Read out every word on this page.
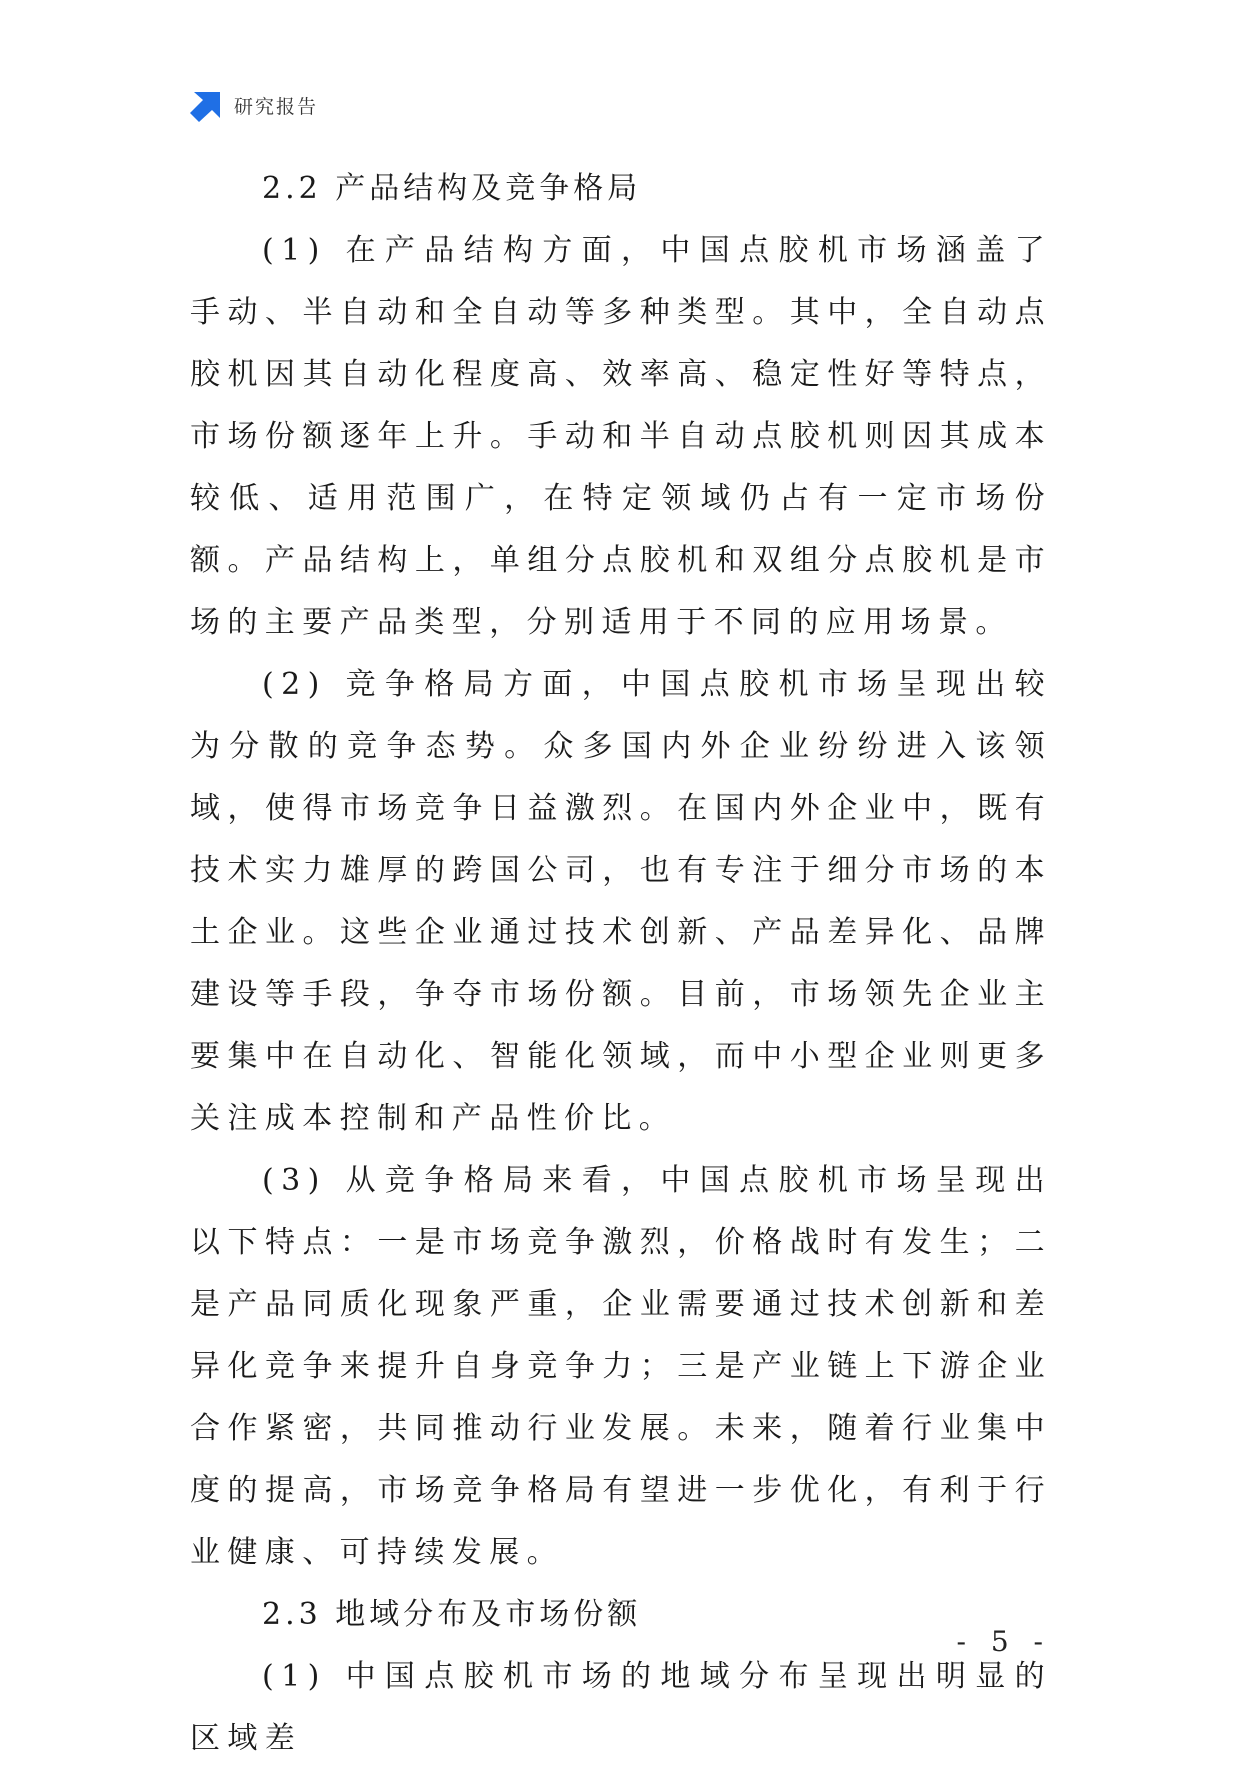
研究报告
2.2 产品结构及竞争格局

(1) 在产品结构方面，中国点胶机市场涵盖了手动、半自动和全自动等多种类型。其中，全自动点胶机因其自动化程度高、效率高、稳定性好等特点，市场份额逐年上升。手动和半自动点胶机则因其成本较低、适用范围广，在特定领域仍占有一定市场份额。产品结构上，单组分点胶机和双组分点胶机是市场的主要产品类型，分别适用于不同的应用场景。

(2) 竞争格局方面，中国点胶机市场呈现出较为分散的竞争态势。众多国内外企业纷纷进入该领域，使得市场竞争日益激烈。在国内外企业中，既有技术实力雄厚的跨国公司，也有专注于细分市场的本土企业。这些企业通过技术创新、产品差异化、品牌建设等手段，争夺市场份额。目前，市场领先企业主要集中在自动化、智能化领域，而中小型企业则更多关注成本控制和产品性价比。

(3) 从竞争格局来看，中国点胶机市场呈现出以下特点：一是市场竞争激烈，价格战时有发生；二是产品同质化现象严重，企业需要通过技术创新和差异化竞争来提升自身竞争力；三是产业链上下游企业合作紧密，共同推动行业发展。未来，随着行业集中度的提高，市场竞争格局有望进一步优化，有利于行业健康、可持续发展。

2.3 地域分布及市场份额

(1) 中国点胶机市场的地域分布呈现出明显的区域差

- 5 -
